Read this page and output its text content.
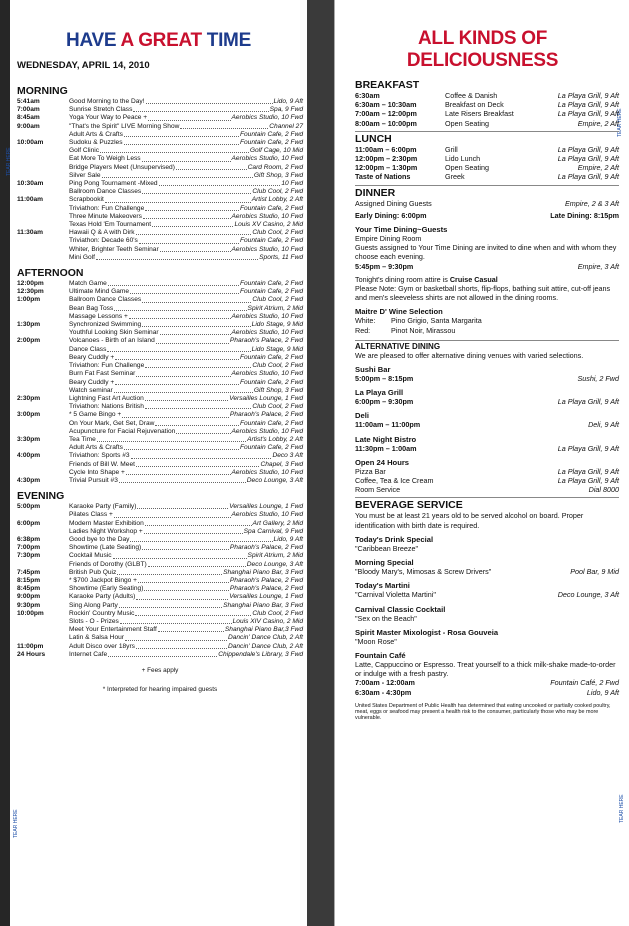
HAVE A GREAT TIME
TEAR HERE
TEAR HERE
WEDNESDAY, APRIL 14, 2010
MORNING
5:41am	Good Morning to the Day!	Lido, 9 Aft
7:00am	Sunrise Stretch Class	Spa, 9 Fwd
8:45am	Yoga Your Way to Peace +	Aerobics Studio, 10 Fwd
9:00am	"That's the Spirit" LIVE Morning Show	Channel 27
Adult Arts & Crafts	Fountain Cafe, 2 Fwd
10:00am	Sudoku & Puzzles	Fountain Cafe, 2 Fwd
Golf Clinic	Golf Cage, 10 Mid
Eat More To Weigh Less	Aerobics Studio, 10 Fwd
Bridge Players Meet (Unsupervised)	Card Room, 2 Fwd
Silver Sale	Gift Shop, 3 Fwd
10:30am	Ping Pong Tournament -Mixed	10 Fwd
Ballroom Dance Classes	Club Cool, 2 Fwd
11:00am	Scrapbookit	Artist Lobby, 2 Aft
Triviathon: Fun Challenge	Fountain Cafe, 2 Fwd
Three Minute Makeovers	Aerobics Studio, 10 Fwd
Texas Hold 'Em Tournament	Louis XV Casino, 2 Mid
11:30am	Hawaii Q & A with Dirk	Club Cool, 2 Fwd
Triviathon: Decade 60's	Fountain Cafe, 2 Fwd
Whiter, Brighter Teeth Seminar	Aerobics Studio, 10 Fwd
Mini Golf	Sports, 11 Fwd
AFTERNOON
12:00pm	Match Game	Fountain Cafe, 2 Fwd
12:30pm	Ultimate Mind Game	Fountain Cafe, 2 Fwd
1:00pm	Ballroom Dance Classes	Club Cool, 2 Fwd
Bean Bag Toss	Spirit Atrium, 2 Mid
Massage Lessons +	Aerobics Studio, 10 Fwd
1:30pm	Synchronized Swimming	Lido Stage, 9 Mid
Youthful Looking Skin Seminar	Aerobics Studio, 10 Fwd
2:00pm	Volcanoes - Birth of an Island	Pharaoh's Palace, 2 Fwd
Dance Class	Lido Stage, 9 Mid
Beary Cuddly +	Fountain Cafe, 2 Fwd
Triviathon: Fun Challenge	Club Cool, 2 Fwd
Burn Fat Fast Seminar	Aerobics Studio, 10 Fwd
Beary Cuddly +	Fountain Cafe, 2 Fwd
Watch seminar	Gift Shop, 3 Fwd
2:30pm	Lightning Fast Art Auction	Versailles Lounge, 1 Fwd
Triviathon: Nations British	Club Cool, 2 Fwd
3:00pm	* 5 Game Bingo +	Pharaoh's Palace, 2 Fwd
On Your Mark, Get Set, Draw	Fountain Cafe, 2 Fwd
Acupuncture for Facial Rejuvenation	Aerobics Studio, 10 Fwd
3:30pm	Tea Time	Artist's Lobby, 2 Aft
Adult Arts & Crafts	Fountain Cafe, 2 Fwd
4:00pm	Triviathon: Sports #3	Deco 3 Aft
Friends of Bill W. Meet	Chapel, 3 Fwd
Cycle Into Shape +	Aerobics Studio, 10 Fwd
4:30pm	Trivial Pursuit #3	Deco Lounge, 3 Aft
EVENING
5:00pm	Karaoke Party (Family)	Versailles Lounge, 1 Fwd
Pilates Class +	Aerobics Studio, 10 Fwd
6:00pm	Modern Master Exhibition	Art Gallery, 2 Mid
Ladies Night Workshop +	Spa Carnival, 9 Fwd
6:38pm	Good bye to the Day	Lido, 9 Aft
7:00pm	Showtime (Late Seating)	Pharaoh's Palace, 2 Fwd
7:30pm	Cocktail Music	Spirit Atrium, 2 Mid
Friends of Dorothy (GLBT)	Deco Lounge, 3 Aft
7:45pm	British Pub Quiz	Shanghai Piano Bar, 3 Fwd
8:15pm	* $700 Jackpot Bingo +	Pharaoh's Palace, 2 Fwd
8:45pm	Showtime (Early Seating)	Pharaoh's Palace, 2 Fwd
9:00pm	Karaoke Party (Adults)	Versailles Lounge, 1 Fwd
9:30pm	Sing Along Party	Shanghai Piano Bar, 3 Fwd
10:00pm	Rockin' Country Music	Club Cool, 2 Fwd
Slots - O - Prizes	Louis XIV Casino, 2 Mid
Meet Your Entertainment Staff	Shanghai Piano Bar,3 Fwd
Latin & Salsa Hour	Dancin' Dance Club, 2 Aft
11:00pm	Adult Disco over 18yrs	Dancin' Dance Club, 2 Aft
24 Hours	Internet Cafe	Chippendale's Library, 3 Fwd
+ Fees apply
* Interpreted for hearing impaired guests
ALL KINDS OF
DELICIOUSNESS
TEAR HERE
TEAR HERE
BREAKFAST
6:30am	Coffee & Danish	La Playa Grill, 9 Aft
6:30am – 10:30am	Breakfast on Deck	La Playa Grill, 9 Aft
7:00am – 12:00pm	Late Risers Breakfast	La Playa Grill, 9 Aft
8:00am – 10:00pm	Open Seating	Empire, 2 Aft
LUNCH
11:00am – 6:00pm	Grill	La Playa Grill, 9 Aft
12:00pm – 2:30pm	Lido Lunch	La Playa Grill, 9 Aft
12:00pm – 1:30pm	Open Seating	Empire, 2 Aft
Taste of Nations	Greek	La Playa Grill, 9 Aft
DINNER
Assigned Dining Guests	Empire, 2 & 3 Aft
Early Dining: 6:00pm	Late Dining: 8:15pm
Your Time Dining~Guests
Empire Dining Room
Guests assigned to Your Time Dining are invited to dine when and with whom they choose each evening.
5:45pm – 9:30pm	Empire, 3 Aft
Tonight's dining room attire is Cruise Casual
Please Note: Gym or basketball shorts, flip-flops, bathing suit attire, cut-off jeans and men's sleeveless shirts are not allowed in the dining rooms.
Maitre D' Wine Selection
White:	Pino Grigio, Santa Margarita
Red:	Pinot Noir, Mirassou
ALTERNATIVE DINING
We are pleased to offer alternative dining venues with varied selections.
Sushi Bar
5:00pm – 8:15pm	Sushi, 2 Fwd
La Playa Grill
6:00pm – 9:30pm	La Playa Grill, 9 Aft
Deli
11:00am – 11:00pm	Deli, 9 Aft
Late Night Bistro
11:30pm – 1:00am	La Playa Grill, 9 Aft
Open 24 Hours
Pizza Bar	La Playa Grill, 9 Aft
Coffee, Tea & Ice Cream	La Playa Grill, 9 Aft
Room Service	Dial 8000
BEVERAGE SERVICE
You must be at least 21 years old to be served alcohol on board. Proper identification with birth date is required.
Today's Drink Special
"Caribbean Breeze"
Morning Special
"Bloody Mary's, Mimosas & Screw Drivers"	Pool Bar, 9 Mid
Today's Martini
"Carnival Violetta Martini"	Deco Lounge, 3 Aft
Carnival Classic Cocktail
"Sex on the Beach"
Spirit Master Mixologist - Rosa Gouveia
"Moon Rose"
Fountain Café
Latte, Cappuccino or Espresso. Treat yourself to a thick milk-shake made-to-order or indulge with a fresh pastry.
7:00am - 12:00am	Fountain Café, 2 Fwd
6:30am - 4:30pm	Lido, 9 Aft
United States Department of Public Health has determined that eating uncooked or partially cooked poultry, meat, eggs or seafood may present a health risk to the consumer, particularly those who may be more vulnerable.
